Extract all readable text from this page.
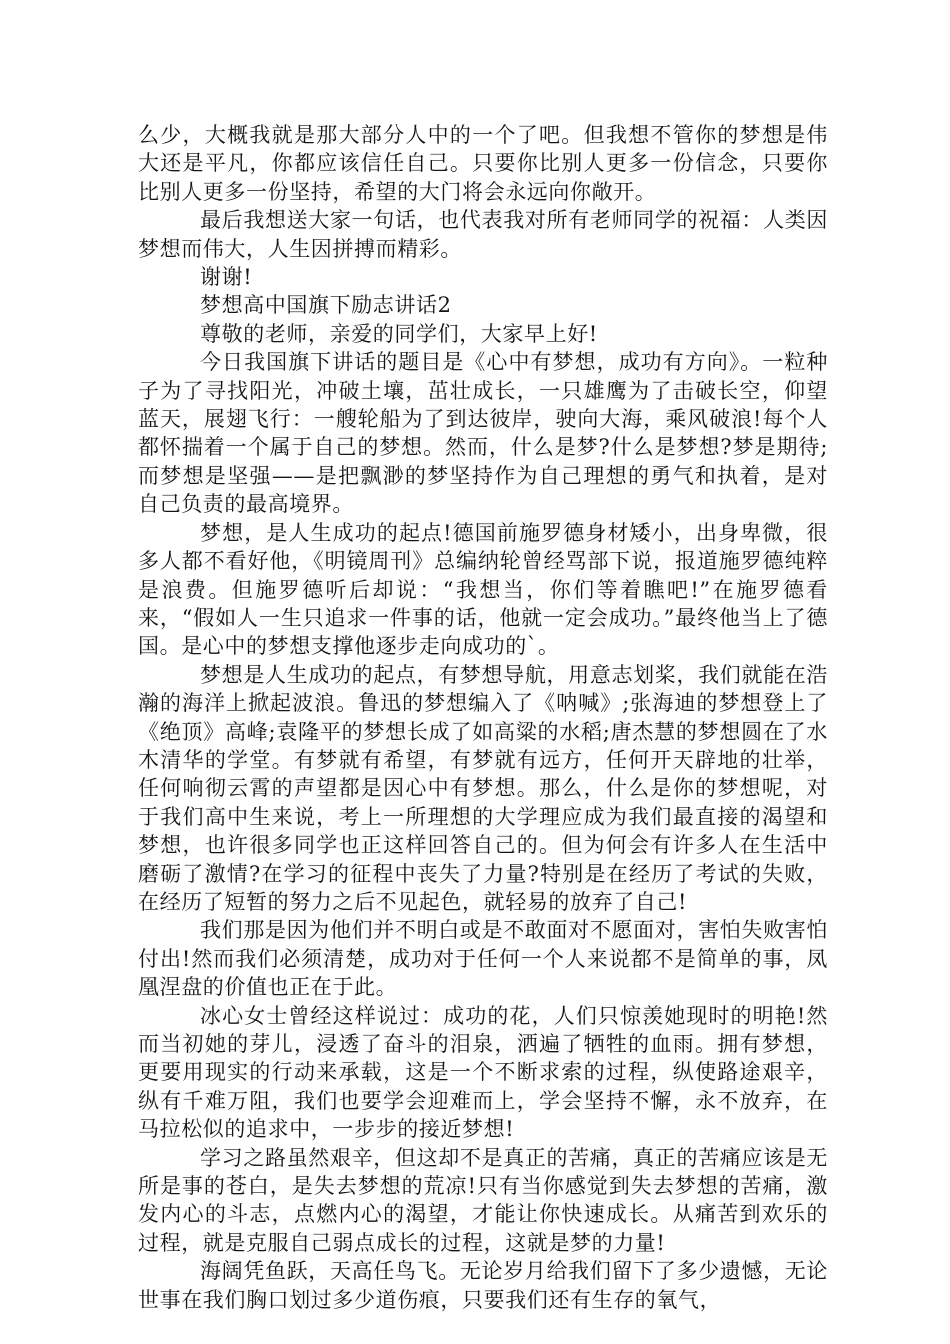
么少，大概我就是那大部分人中的一个了吧。但我想不管你的梦想是伟大还是平凡，你都应该信任自己。只要你比别人更多一份信念，只要你比别人更多一份坚持，希望的大门将会永远向你敞开。

最后我想送大家一句话，也代表我对所有老师同学的祝福：人类因梦想而伟大，人生因拼搏而精彩。

谢谢!

梦想高中国旗下励志讲话2

尊敬的老师，亲爱的同学们，大家早上好!

今日我国旗下讲话的题目是《心中有梦想，成功有方向》。一粒种子为了寻找阳光，冲破土壤，茁壮成长，一只雄鹰为了击破长空，仰望蓝天，展翅飞行：一艘轮船为了到达彼岸，驶向大海，乘风破浪!每个人都怀揣着一个属于自己的梦想。然而，什么是梦?什么是梦想?梦是期待;而梦想是坚强——是把飘渺的梦坚持作为自己理想的勇气和执着，是对自己负责的最高境界。

梦想，是人生成功的起点!德国前施罗德身材矮小，出身卑微，很多人都不看好他，《明镜周刊》总编纳轮曾经骂部下说，报道施罗德纯粹是浪费。但施罗德听后却说：“我想当，你们等着瞧吧!”在施罗德看来，“假如人一生只追求一件事的话，他就一定会成功。”最终他当上了德国。是心中的梦想支撑他逐步走向成功的`。

梦想是人生成功的起点，有梦想导航，用意志划桨，我们就能在浩瀚的海洋上掀起波浪。鲁迅的梦想编入了《呐喊》;张海迪的梦想登上了《绝顶》高峰;袁隆平的梦想长成了如高粱的水稻;唐杰慧的梦想圆在了水木清华的学堂。有梦就有希望，有梦就有远方，任何开天辟地的壮举，任何响彻云霄的声望都是因心中有梦想。那么，什么是你的梦想呢，对于我们高中生来说，考上一所理想的大学理应成为我们最直接的渴望和梦想，也许很多同学也正这样回答自己的。但为何会有许多人在生活中磨砺了激情?在学习的征程中丧失了力量?特别是在经历了考试的失败，在经历了短暂的努力之后不见起色，就轻易的放弃了自己!

我们那是因为他们并不明白或是不敢面对不愿面对，害怕失败害怕付出!然而我们必须清楚，成功对于任何一个人来说都不是简单的事，凤凰涅盘的价值也正在于此。

冰心女士曾经这样说过：成功的花，人们只惊羡她现时的明艳!然而当初她的芽儿，浸透了奋斗的泪泉，洒遍了牺牲的血雨。拥有梦想，更要用现实的行动来承载，这是一个不断求索的过程，纵使路途艰辛，纵有千难万阻，我们也要学会迎难而上，学会坚持不懈，永不放弃，在马拉松似的追求中，一步步的接近梦想!

学习之路虽然艰辛，但这却不是真正的苦痛，真正的苦痛应该是无所是事的苍白，是失去梦想的荒凉!只有当你感觉到失去梦想的苦痛，激发内心的斗志，点燃内心的渴望，才能让你快速成长。从痛苦到欢乐的过程，就是克服自己弱点成长的过程，这就是梦的力量!

海阔凭鱼跃，天高任鸟飞。无论岁月给我们留下了多少遗憾，无论世事在我们胸口划过多少道伤痕，只要我们还有生存的氧气，
